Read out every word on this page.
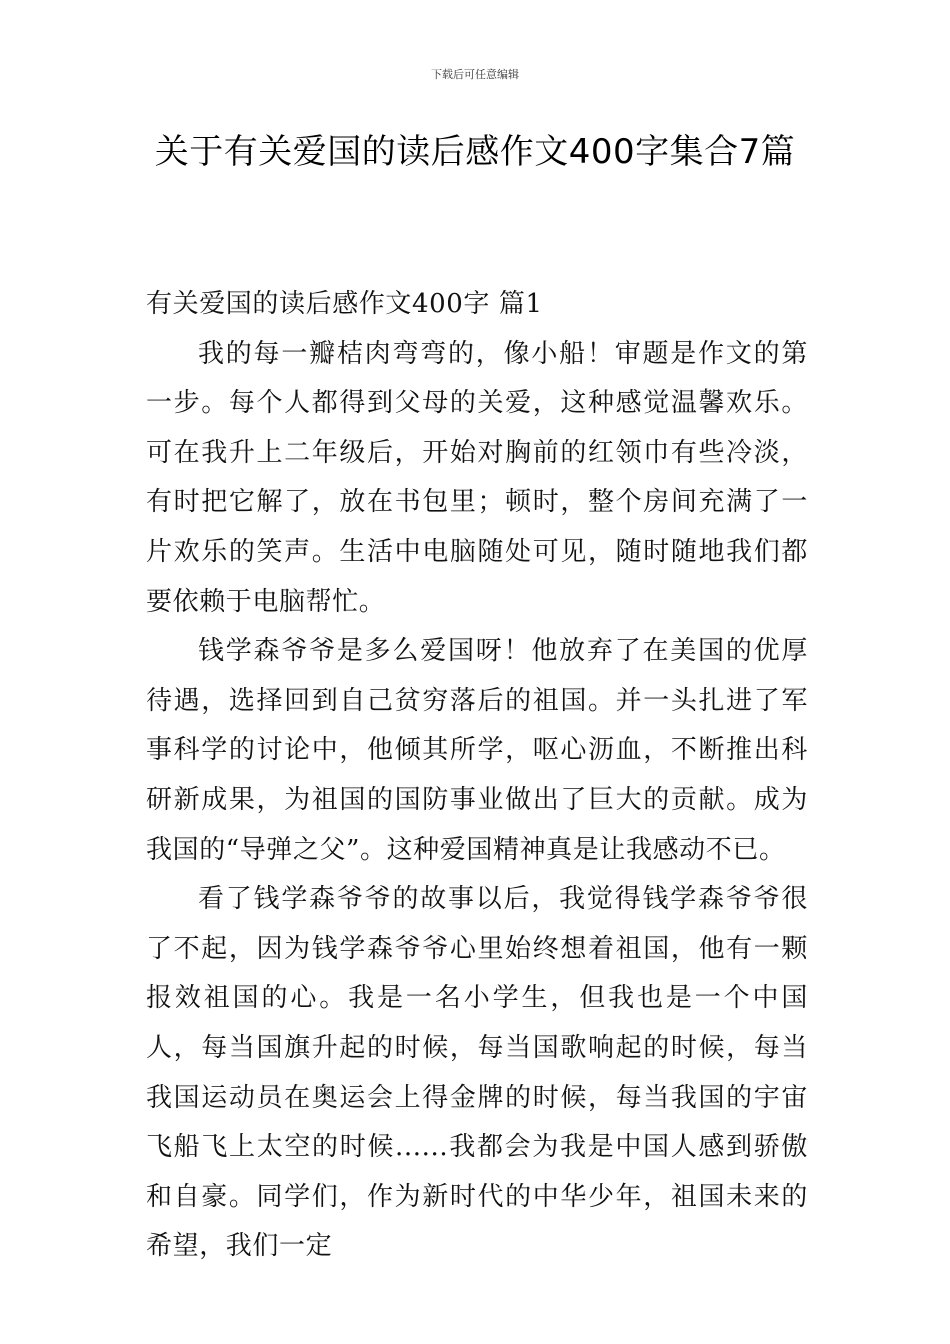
下载后可任意编辑
关于有关爱国的读后感作文400字集合7篇
有关爱国的读后感作文400字 篇1

我的每一瓣桔肉弯弯的，像小船！审题是作文的第一步。每个人都得到父母的关爱，这种感觉温馨欢乐。可在我升上二年级后，开始对胸前的红领巾有些冷淡，有时把它解了，放在书包里；顿时，整个房间充满了一片欢乐的笑声。生活中电脑随处可见，随时随地我们都要依赖于电脑帮忙。

钱学森爷爷是多么爱国呀！他放弃了在美国的优厚待遇，选择回到自己贫穷落后的祖国。并一头扎进了军事科学的讨论中，他倾其所学，呕心沥血，不断推出科研新成果，为祖国的国防事业做出了巨大的贡献。成为我国的“导弹之父”。这种爱国精神真是让我感动不已。

看了钱学森爷爷的故事以后，我觉得钱学森爷爷很了不起，因为钱学森爷爷心里始终想着祖国，他有一颗报效祖国的心。我是一名小学生，但我也是一个中国人，每当国旗升起的时候，每当国歌响起的时候，每当我国运动员在奥运会上得金牌的时候，每当我国的宇宙飞船飞上太空的时候......我都会为我是中国人感到骄傲和自豪。同学们，作为新时代的中华少年，祖国未来的希望，我们一定
